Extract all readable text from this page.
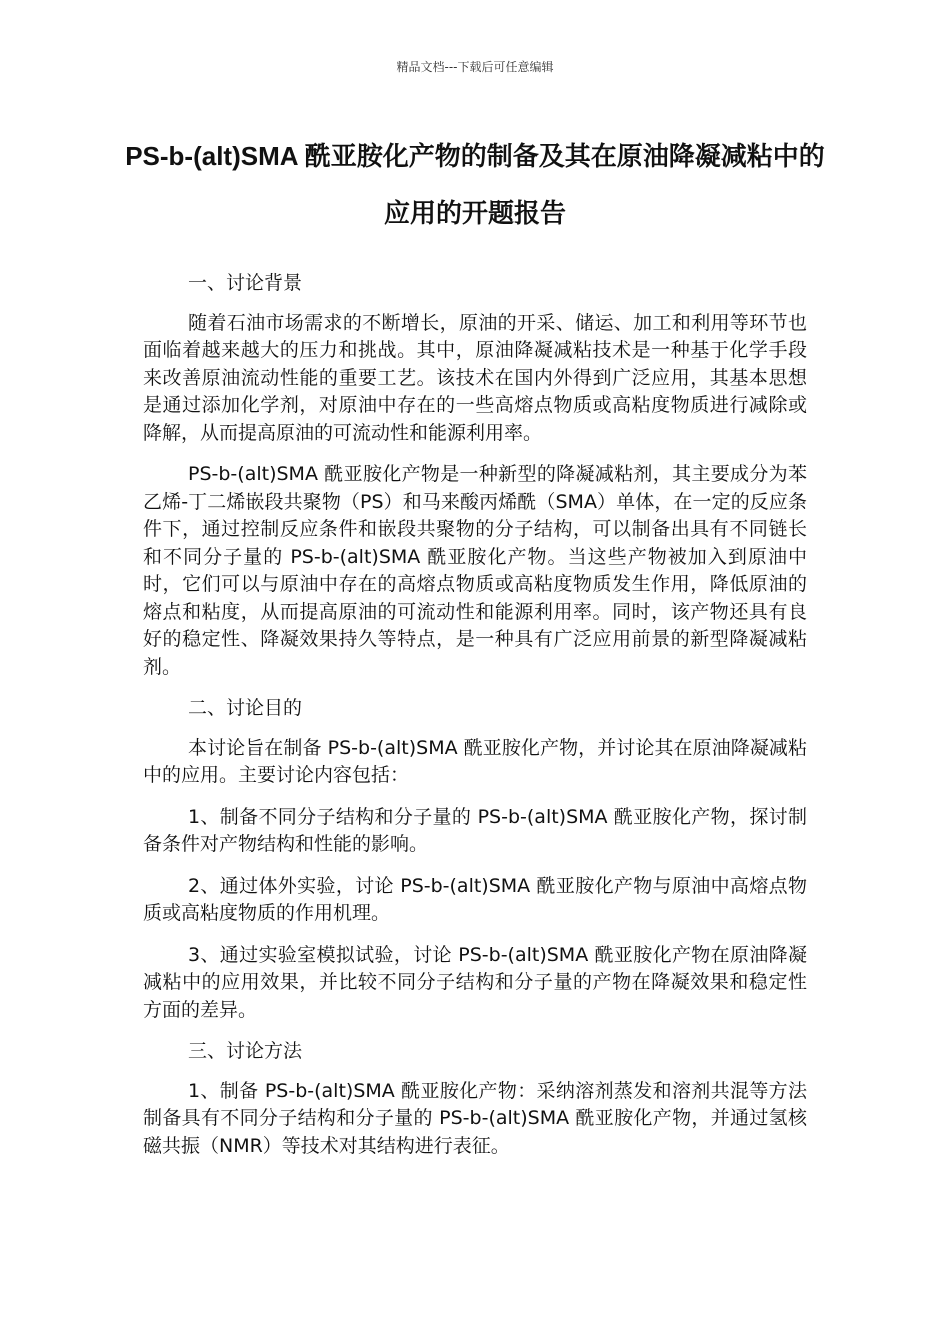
精品文档---下载后可任意编辑
PS-b-(alt)SMA 酰亚胺化产物的制备及其在原油降凝减粘中的应用的开题报告

一、讨论背景

随着石油市场需求的不断增长，原油的开采、储运、加工和利用等环节也面临着越来越大的压力和挑战。其中，原油降凝减粘技术是一种基于化学手段来改善原油流动性能的重要工艺。该技术在国内外得到广泛应用，其基本思想是通过添加化学剂，对原油中存在的一些高熔点物质或高粘度物质进行减除或降解，从而提高原油的可流动性和能源利用率。

PS-b-(alt)SMA 酰亚胺化产物是一种新型的降凝减粘剂，其主要成分为苯乙烯-丁二烯嵌段共聚物（PS）和马来酸丙烯酰（SMA）单体，在一定的反应条件下，通过控制反应条件和嵌段共聚物的分子结构，可以制备出具有不同链长和不同分子量的 PS-b-(alt)SMA 酰亚胺化产物。当这些产物被加入到原油中时，它们可以与原油中存在的高熔点物质或高粘度物质发生作用，降低原油的熔点和粘度，从而提高原油的可流动性和能源利用率。同时，该产物还具有良好的稳定性、降凝效果持久等特点，是一种具有广泛应用前景的新型降凝减粘剂。

二、讨论目的

本讨论旨在制备 PS-b-(alt)SMA 酰亚胺化产物，并讨论其在原油降凝减粘中的应用。主要讨论内容包括：

1、制备不同分子结构和分子量的 PS-b-(alt)SMA 酰亚胺化产物，探讨制备条件对产物结构和性能的影响。

2、通过体外实验，讨论 PS-b-(alt)SMA 酰亚胺化产物与原油中高熔点物质或高粘度物质的作用机理。

3、通过实验室模拟试验，讨论 PS-b-(alt)SMA 酰亚胺化产物在原油降凝减粘中的应用效果，并比较不同分子结构和分子量的产物在降凝效果和稳定性方面的差异。

三、讨论方法

1、制备 PS-b-(alt)SMA 酰亚胺化产物：采纳溶剂蒸发和溶剂共混等方法制备具有不同分子结构和分子量的 PS-b-(alt)SMA 酰亚胺化产物，并通过氢核磁共振（NMR）等技术对其结构进行表征。
